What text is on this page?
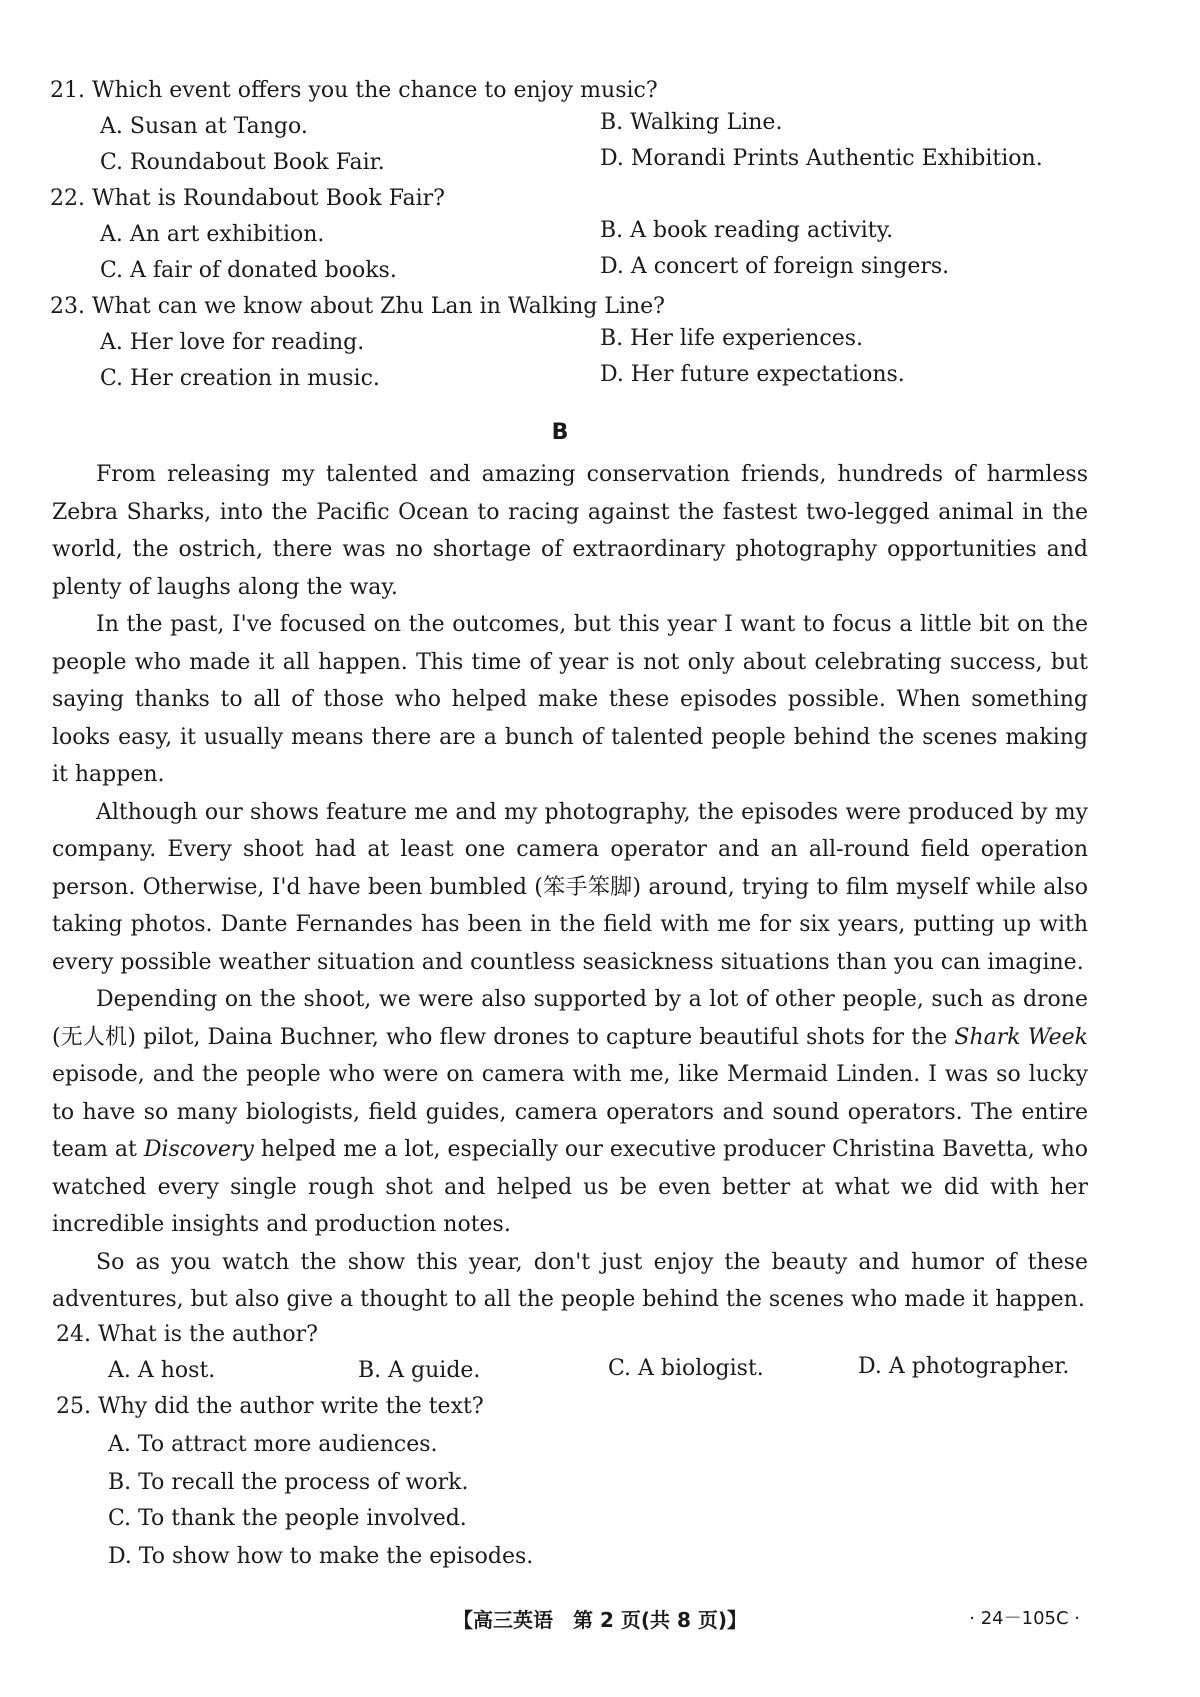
21. Which event offers you the chance to enjoy music?
A. Susan at Tango.	B. Walking Line.
C. Roundabout Book Fair.	D. Morandi Prints Authentic Exhibition.
22. What is Roundabout Book Fair?
A. An art exhibition.	B. A book reading activity.
C. A fair of donated books.	D. A concert of foreign singers.
23. What can we know about Zhu Lan in Walking Line?
A. Her love for reading.	B. Her life experiences.
C. Her creation in music.	D. Her future expectations.
B

From releasing my talented and amazing conservation friends, hundreds of harmless Zebra Sharks, into the Pacific Ocean to racing against the fastest two-legged animal in the world, the ostrich, there was no shortage of extraordinary photography opportunities and plenty of laughs along the way.

In the past, I've focused on the outcomes, but this year I want to focus a little bit on the people who made it all happen. This time of year is not only about celebrating success, but saying thanks to all of those who helped make these episodes possible. When something looks easy, it usually means there are a bunch of talented people behind the scenes making it happen.

Although our shows feature me and my photography, the episodes were produced by my company. Every shoot had at least one camera operator and an all-round field operation person. Otherwise, I'd have been bumbled (笨手笨脚) around, trying to film myself while also taking photos. Dante Fernandes has been in the field with me for six years, putting up with every possible weather situation and countless seasickness situations than you can imagine.

Depending on the shoot, we were also supported by a lot of other people, such as drone (无人机) pilot, Daina Buchner, who flew drones to capture beautiful shots for the Shark Week episode, and the people who were on camera with me, like Mermaid Linden. I was so lucky to have so many biologists, field guides, camera operators and sound operators. The entire team at Discovery helped me a lot, especially our executive producer Christina Bavetta, who watched every single rough shot and helped us be even better at what we did with her incredible insights and production notes.

So as you watch the show this year, don't just enjoy the beauty and humor of these adventures, but also give a thought to all the people behind the scenes who made it happen.

24. What is the author?
A. A host.	B. A guide.	C. A biologist.	D. A photographer.
25. Why did the author write the text?
A. To attract more audiences.
B. To recall the process of work.
C. To thank the people involved.
D. To show how to make the episodes.
【高三英语　第 2 页(共 8 页)】	· 24－105C ·
